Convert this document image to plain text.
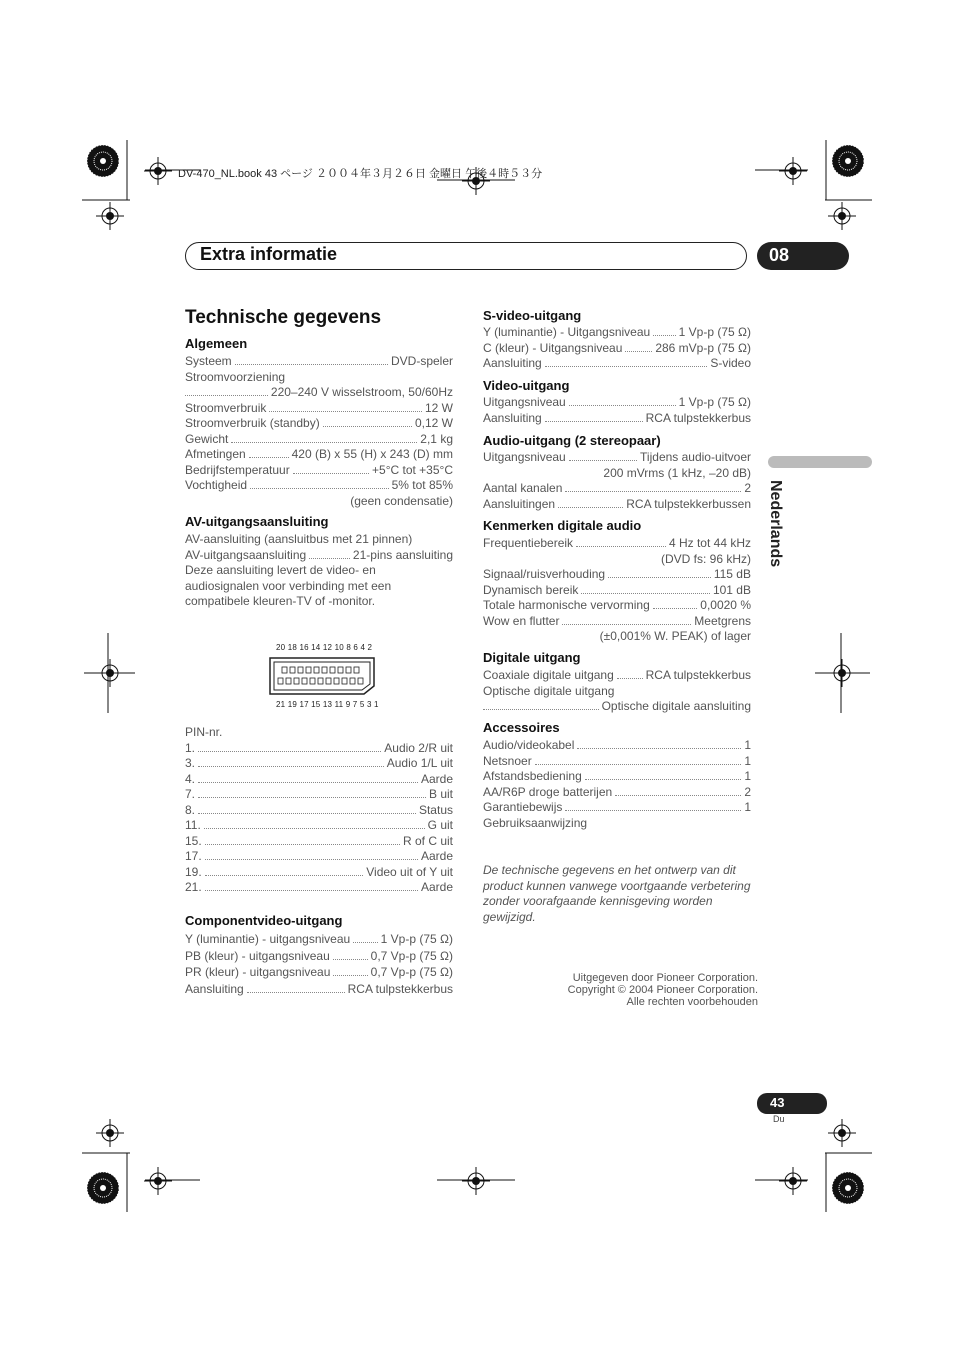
DV-470_NL.book 43 ページ ２００４年３月２６日 金曜日 午後４時５３分
Extra informatie	08
Nederlands
Technische gegevens
Algemeen
Systeem	DVD-speler
Stroomvoorziening
220–240 V wisselstroom, 50/60Hz
Stroomverbruik	12 W
Stroomverbruik (standby)	0,12 W
Gewicht	2,1 kg
Afmetingen	420 (B) x 55 (H) x 243 (D) mm
Bedrijfstemperatuur	+5°C tot +35°C
Vochtigheid	5% tot 85%
(geen condensatie)
AV-uitgangsaansluiting
AV-aansluiting (aansluitbus met 21 pinnen)
AV-uitgangsaansluiting	21-pins aansluiting
Deze aansluiting levert de video- en audiosignalen voor verbinding met een compatibele kleuren-TV of -monitor.
20 18 16 14 12 10 8 6 4 2
21 19 17 15 13 11 9 7 5 3 1
PIN-nr.
1.	Audio 2/R uit
3.	Audio 1/L uit
4.	Aarde
7.	B uit
8.	Status
11.	G uit
15.	R of C uit
17.	Aarde
19.	Video uit of Y uit
21.	Aarde
Componentvideo-uitgang
Y (luminantie) - uitgangsniveau	1 Vp-p (75 Ω)
PB (kleur) - uitgangsniveau	0,7 Vp-p (75 Ω)
PR (kleur) - uitgangsniveau	0,7 Vp-p (75 Ω)
Aansluiting	RCA tulpstekkerbus
S-video-uitgang
Y (luminantie) - Uitgangsniveau 1 Vp-p (75 Ω)
C (kleur) - Uitgangsniveau	286 mVp-p (75 Ω)
Aansluiting	S-video
Video-uitgang
Uitgangsniveau	1 Vp-p (75 Ω)
Aansluiting	RCA tulpstekkerbus
Audio-uitgang (2 stereopaar)
Uitgangsniveau	Tijdens audio-uitvoer
200 mVrms (1 kHz, –20 dB)
Aantal kanalen	2
Aansluitingen	RCA tulpstekkerbussen
Kenmerken digitale audio
Frequentiebereik	4 Hz tot 44 kHz
(DVD fs: 96 kHz)
Signaal/ruisverhouding	115 dB
Dynamisch bereik	101 dB
Totale harmonische vervorming	0,0020 %
Wow en flutter	Meetgrens
(±0,001% W. PEAK) of lager
Digitale uitgang
Coaxiale digitale uitgang	RCA tulpstekkerbus
Optische digitale uitgang
Optische digitale aansluiting
Accessoires
Audio/videokabel	1
Netsnoer	1
Afstandsbediening	1
AA/R6P droge batterijen	2
Garantiebewijs	1
Gebruiksaanwijzing
De technische gegevens en het ontwerp van dit product kunnen vanwege voortgaande verbetering zonder voorafgaande kennisgeving worden gewijzigd.
Uitgegeven door Pioneer Corporation.
Copyright © 2004 Pioneer Corporation.
Alle rechten voorbehouden
43
Du
